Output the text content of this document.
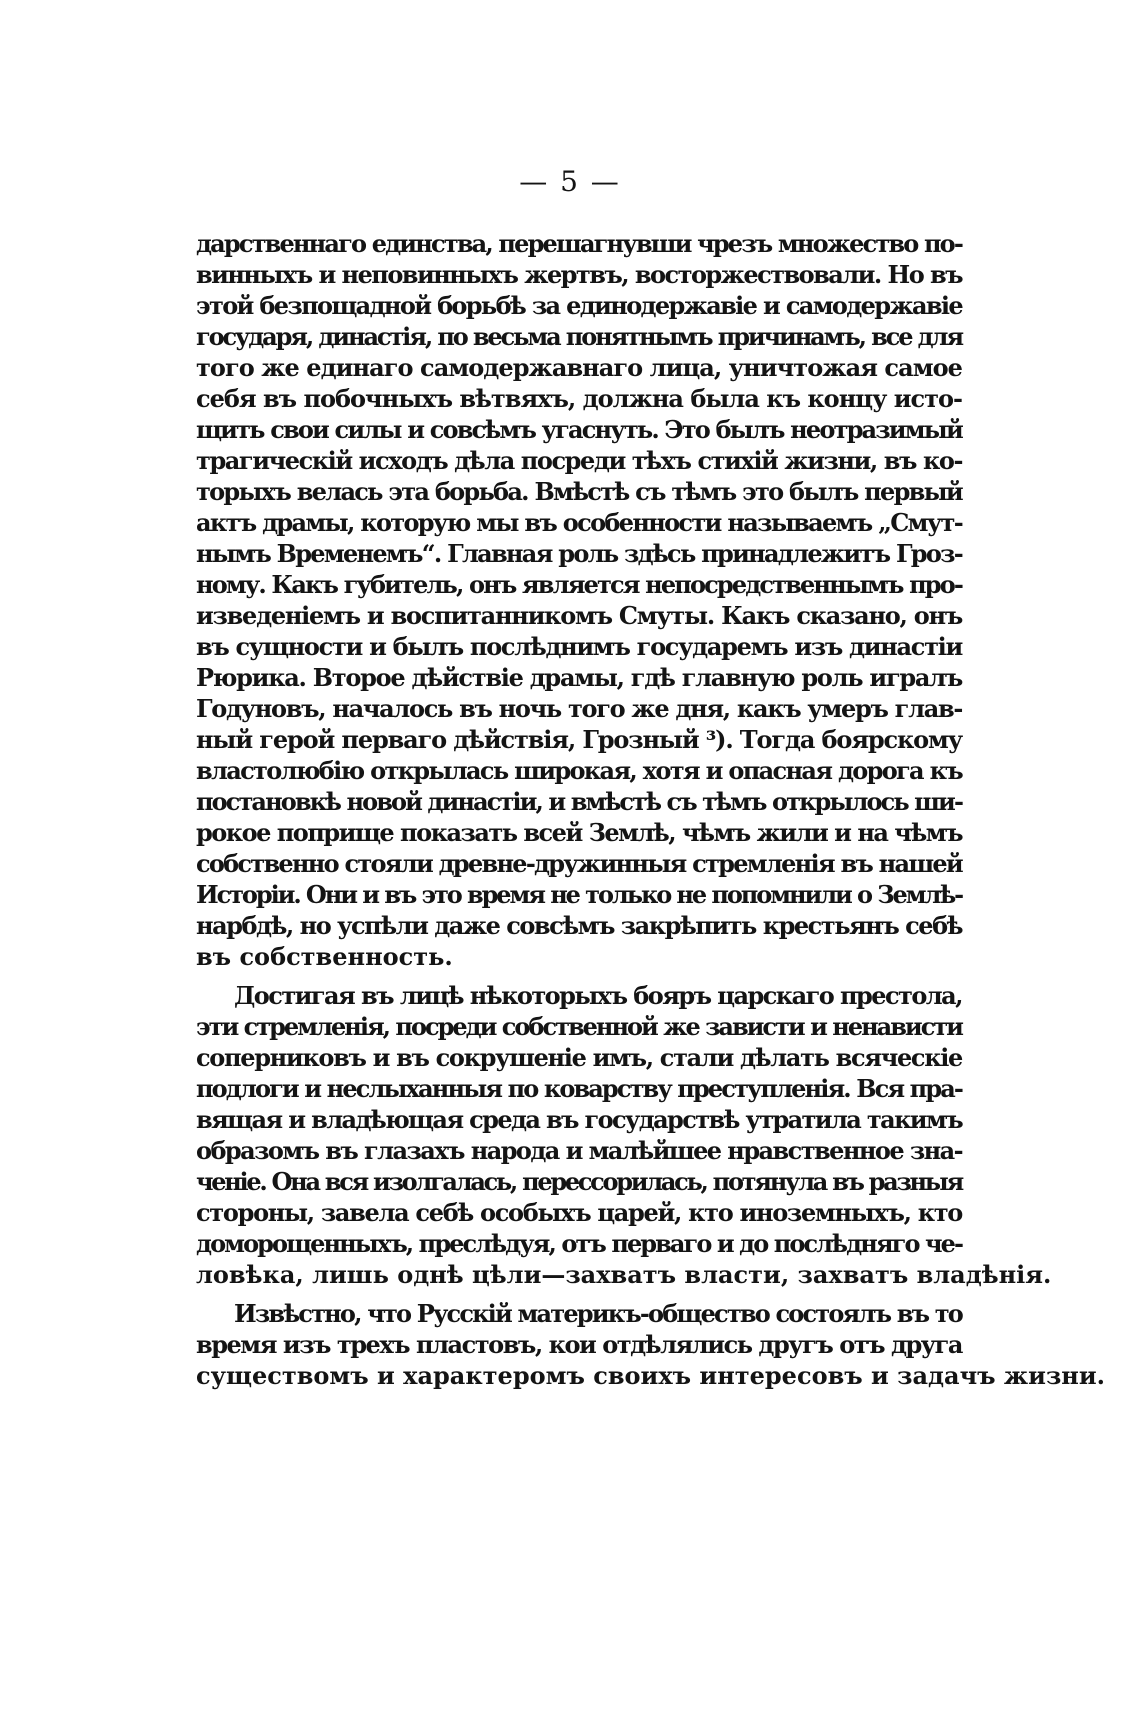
— 5 —
дарственнаго единства, перешагнувши чрезъ множество по-
винныхъ и неповинныхъ жертвъ, восторжествовали. Но въ
этой безпощадной борьбѣ за единодержавіе и самодержавіе
государя, династія, по весьма понятнымъ причинамъ, все для
того же единаго самодержавнаго лица, уничтожая самое
себя въ побочныхъ вѣтвяхъ, должна была къ концу исто-
щить свои силы и совсѣмъ угаснуть. Это былъ неотразимый
трагическій исходъ дѣла посреди тѣхъ стихій жизни, въ ко-
торыхъ велась эта борьба. Вмѣстѣ съ тѣмъ это былъ первый
актъ драмы, которую мы въ особенности называемъ „Смут-
нымъ Временемъ“. Главная роль здѣсь принадлежитъ Гроз-
ному. Какъ губитель, онъ является непосредственнымъ про-
изведеніемъ и воспитанникомъ Смуты. Какъ сказано, онъ
въ сущности и былъ послѣднимъ государемъ изъ династіи
Рюрика. Второе дѣйствіе драмы, гдѣ главную роль игралъ
Годуновъ, началось въ ночь того же дня, какъ умеръ глав-
ный герой перваго дѣйствія, Грозный ³). Тогда боярскому
властолюбію открылась широкая, хотя и опасная дорога къ
постановкѣ новой династіи, и вмѣстѣ съ тѣмъ открылось ши-
рокое поприще показать всей Землѣ, чѣмъ жили и на чѣмъ
собственно стояли древне-дружинныя стремленія въ нашей
Исторіи. Они и въ это время не только не попомнили о Землѣ-
нарбдѣ, но успѣли даже совсѣмъ закрѣпить крестьянъ себѣ
въ собственность.
Достигая въ лицѣ нѣкоторыхъ бояръ царскаго престола,
эти стремленія, посреди собственной же зависти и ненависти
соперниковъ и въ сокрушеніе имъ, стали дѣлать всяческіе
подлоги и неслыханныя по коварству преступленія. Вся пра-
вящая и владѣющая среда въ государствѣ утратила такимъ
образомъ въ глазахъ народа и малѣйшее нравственное зна-
ченіе. Она вся изолгалась, перессорилась, потянула въ разныя
стороны, завела себѣ особыхъ царей, кто иноземныхъ, кто
доморощенныхъ, преслѣдуя, отъ перваго и до послѣдняго че-
ловѣка, лишь однѣ цѣли—захватъ власти, захватъ владѣнія.
Извѣстно, что Русскій материкъ-общество состоялъ въ то
время изъ трехъ пластовъ, кои отдѣлялись другъ отъ друга
существомъ и характеромъ своихъ интересовъ и задачъ жизни.
